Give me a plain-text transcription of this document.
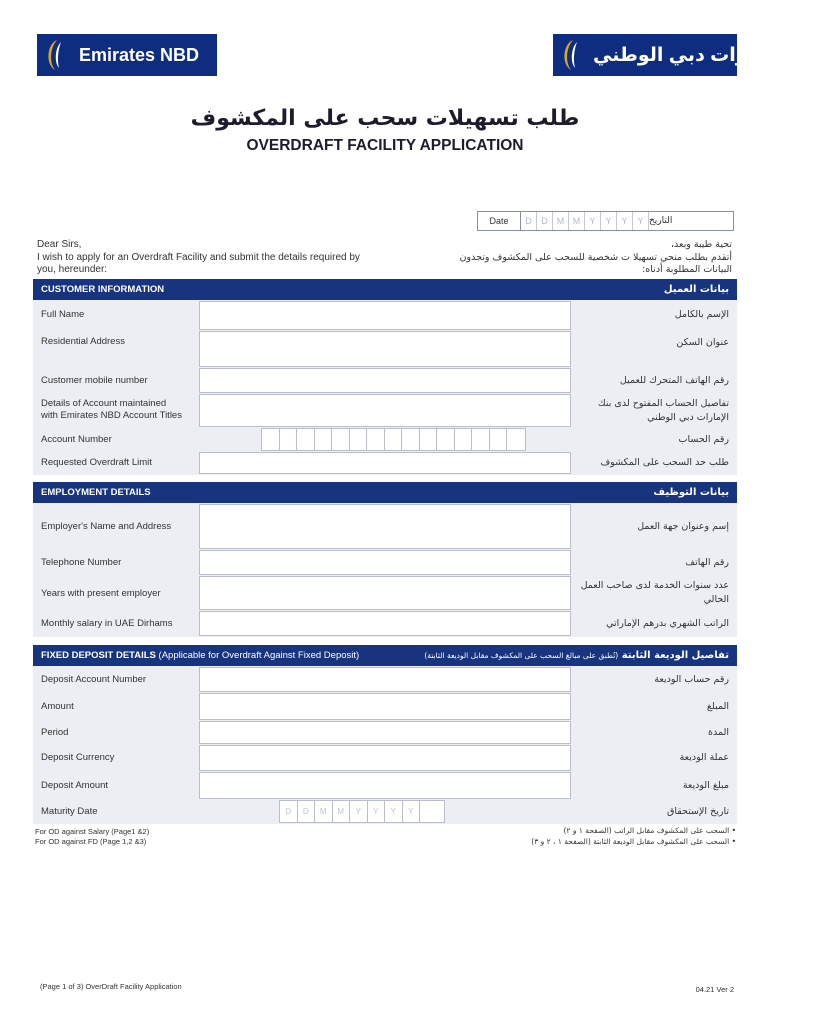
Emirates NBD	بنك الإمارات دبي الوطني
طلب تسهيلات سحب على المكشوف
OVERDRAFT FACILITY APPLICATION
Date	D	D	M M	Y	Y	Y	Y التاريخ
Dear Sirs,
I wish to apply for an Overdraft Facility and submit the details required by
you, hereunder:
تحية طيبة وبعد،
أتقدم بطلب منحي تسهيلا ت شخصية للسحب على المكشوف وتجدون
البيانات المطلوبة أدناه:
CUSTOMER INFORMATION	بيانات العميل
Full Name	الإسم بالكامل
Residential Address	عنوان السكن
Customer mobile number	رقم الهاتف المتحرك للعميل
Details of Account maintained
with Emirates NBD Account Titles
تفاصيل الحساب المفتوح لدى بنك
الإمارات دبي الوطني
Account Number	رقم الحساب
Requested Overdraft Limit	طلب حد السحب على المكشوف
EMPLOYMENT DETAILS	بيانات التوظيف
Employer's Name and Address	إسم وعنوان جهة العمل
Telephone Number	رقم الهاتف
Years with present employer
عدد سنوات الخدمة لدى صاحب العمل
الحالي
Monthly salary in UAE Dirhams	الراتب الشهري بدرهم الإماراتي
FIXED DEPOSIT DETAILS (Applicable for Overdraft Against Fixed Deposit)	تفاصيل الوديعة الثابتة (تُطبق على مبالغ السحب على المكشوف مقابل الوديعة الثابتة)
Deposit Account Number	رقم حساب الوديعة
Amount	المبلغ
Period	المدة
Deposit Currency	عملة الوديعة
Deposit Amount	مبلغ الوديعة
Maturity Date	D	D	M	M	Y	Y	Y	Y	تاريخ الإستحقاق
For OD against Salary (Page1 &2)
For OD against FD (Page 1,2 &3)
• السحب على المكشوف مقابل الراتب (الصفحة ١ و ٢)
• السحب على المكشوف مقابل الوديعة الثابتة (الصفحة ١ ، ٢ و ٣)
(Page 1 of 3) OverDraft Facility Application	04.21 Ver 2
